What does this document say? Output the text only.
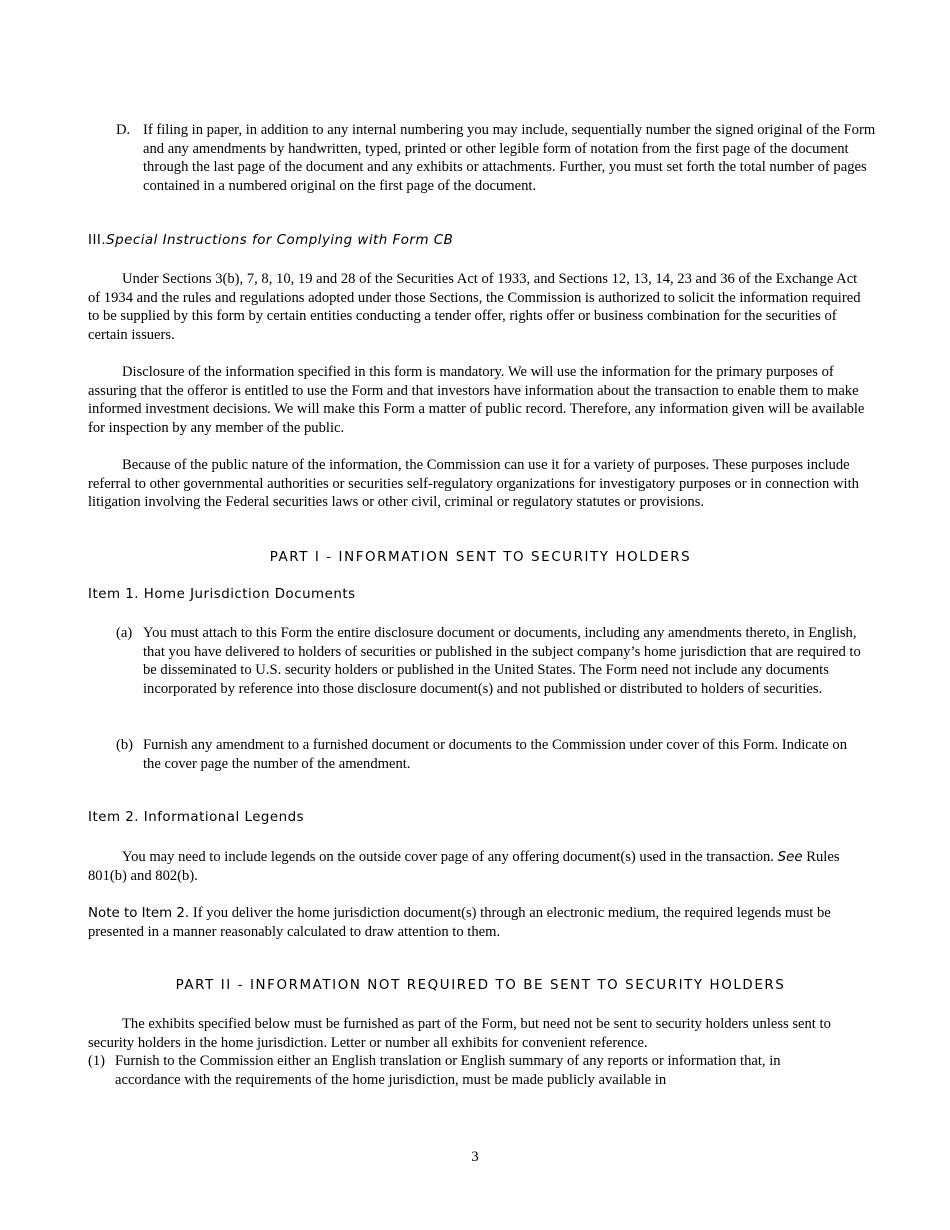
D. If filing in paper, in addition to any internal numbering you may include, sequentially number the signed original of the Form and any amendments by handwritten, typed, printed or other legible form of notation from the first page of the document through the last page of the document and any exhibits or attachments. Further, you must set forth the total number of pages contained in a numbered original on the first page of the document.
III.Special Instructions for Complying with Form CB

Under Sections 3(b), 7, 8, 10, 19 and 28 of the Securities Act of 1933, and Sections 12, 13, 14, 23 and 36 of the Exchange Act of 1934 and the rules and regulations adopted under those Sections, the Commission is authorized to solicit the information required to be supplied by this form by certain entities conducting a tender offer, rights offer or business combination for the securities of certain issuers.

Disclosure of the information specified in this form is mandatory. We will use the information for the primary purposes of assuring that the offeror is entitled to use the Form and that investors have information about the transaction to enable them to make informed investment decisions. We will make this Form a matter of public record. Therefore, any information given will be available for inspection by any member of the public.

Because of the public nature of the information, the Commission can use it for a variety of purposes. These purposes include referral to other governmental authorities or securities self-regulatory organizations for investigatory purposes or in connection with litigation involving the Federal securities laws or other civil, criminal or regulatory statutes or provisions.

PART I - INFORMATION SENT TO SECURITY HOLDERS
Item 1. Home Jurisdiction Documents
(a) You must attach to this Form the entire disclosure document or documents, including any amendments thereto, in English, that you have delivered to holders of securities or published in the subject company’s home jurisdiction that are required to be disseminated to U.S. security holders or published in the United States. The Form need not include any documents incorporated by reference into those disclosure document(s) and not published or distributed to holders of securities.
(b) Furnish any amendment to a furnished document or documents to the Commission under cover of this Form. Indicate on the cover page the number of the amendment.
Item 2. Informational Legends

You may need to include legends on the outside cover page of any offering document(s) used in the transaction. See Rules 801(b) and 802(b).

Note to Item 2. If you deliver the home jurisdiction document(s) through an electronic medium, the required legends must be presented in a manner reasonably calculated to draw attention to them.

PART II - INFORMATION NOT REQUIRED TO BE SENT TO SECURITY HOLDERS

The exhibits specified below must be furnished as part of the Form, but need not be sent to security holders unless sent to security holders in the home jurisdiction. Letter or number all exhibits for convenient reference.

(1) Furnish to the Commission either an English translation or English summary of any reports or information that, in accordance with the requirements of the home jurisdiction, must be made publicly available in
3
